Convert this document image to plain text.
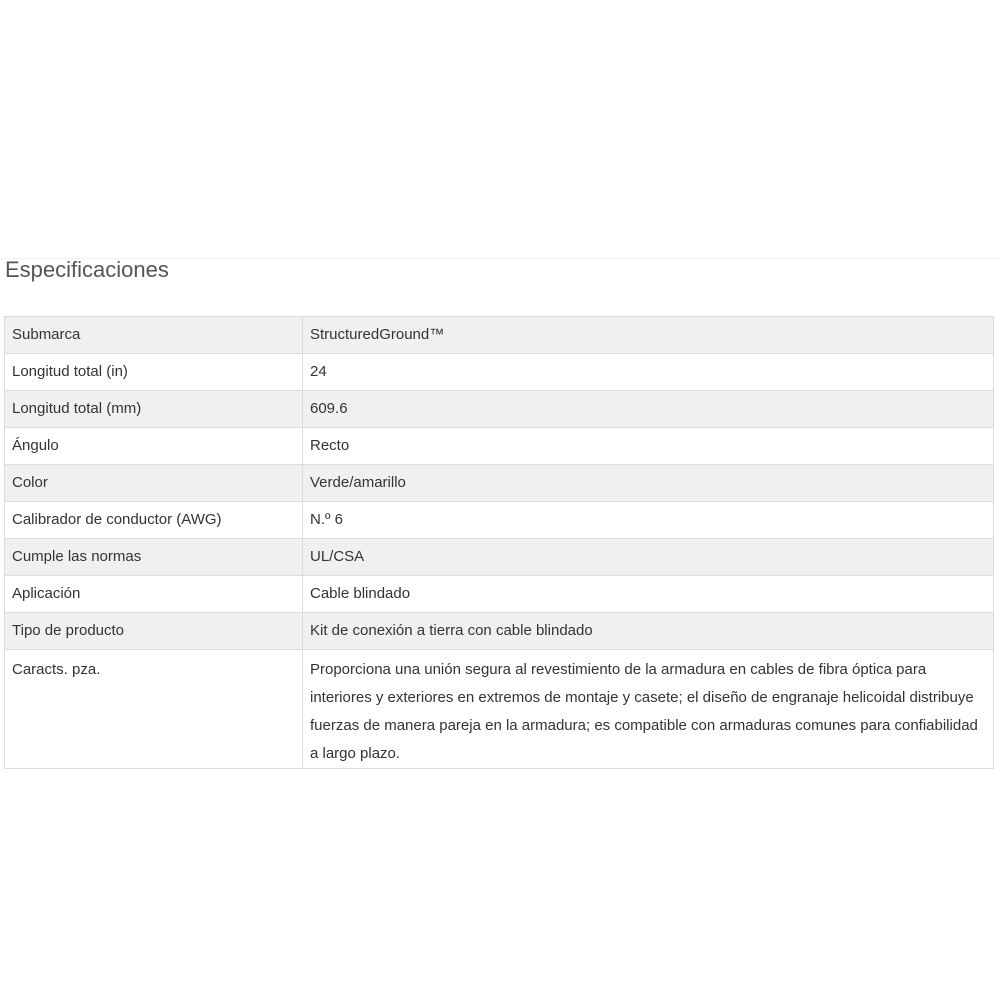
Especificaciones
Submarca	StructuredGround™
Longitud total (in)	24
Longitud total (mm)	609.6
Ángulo	Recto
Color	Verde/amarillo
Calibrador de conductor (AWG)	N.º 6
Cumple las normas	UL/CSA
Aplicación	Cable blindado
Tipo de producto	Kit de conexión a tierra con cable blindado
Caracts. pza.	Proporciona una unión segura al revestimiento de la armadura en cables de fibra óptica para interiores y exteriores en extremos de montaje y casete; el diseño de engranaje helicoidal distribuye fuerzas de manera pareja en la armadura; es compatible con armaduras comunes para confiabilidad a largo plazo.
